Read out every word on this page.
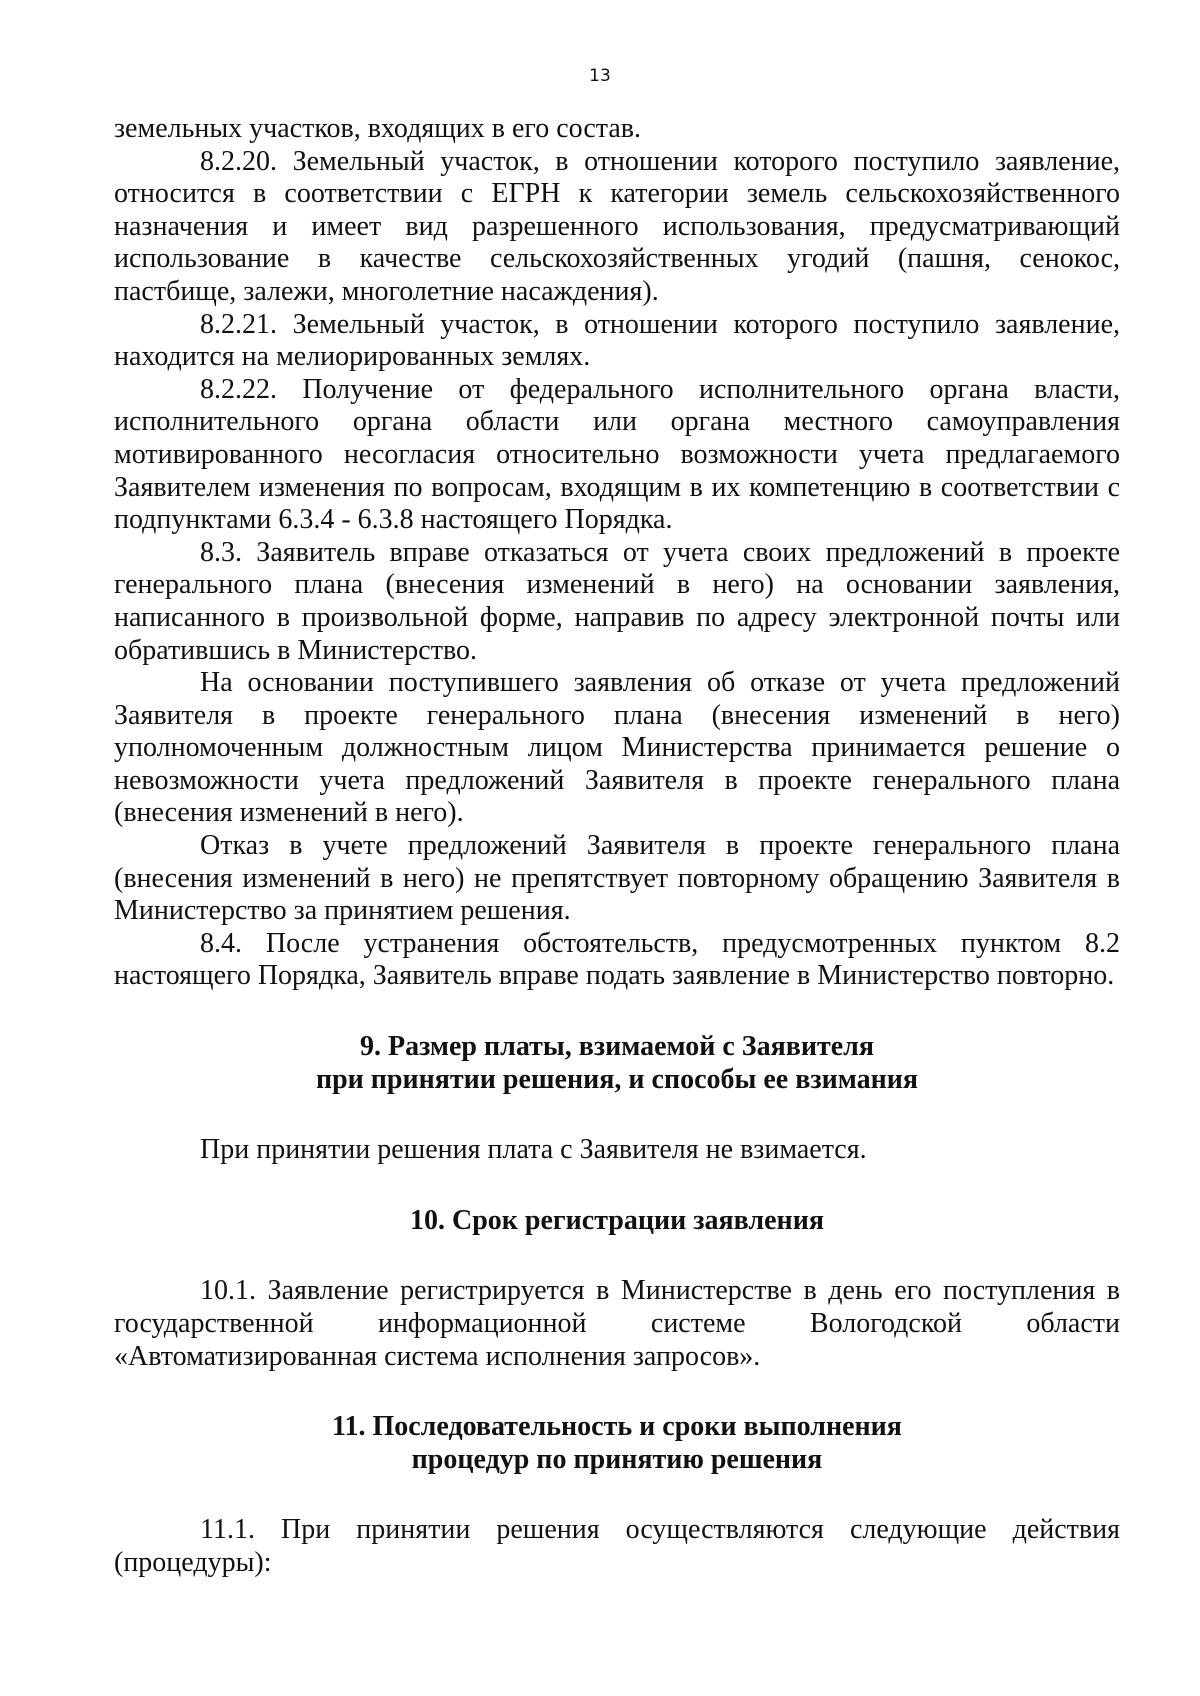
13

земельных участков, входящих в его состав.

8.2.20. Земельный участок, в отношении которого поступило заявление, относится в соответствии с ЕГРН к категории земель сельскохозяйственного назначения и имеет вид разрешенного использования, предусматривающий использование в качестве сельскохозяйственных угодий (пашня, сенокос, пастбище, залежи, многолетние насаждения).

8.2.21. Земельный участок, в отношении которого поступило заявление, находится на мелиорированных землях.

8.2.22. Получение от федерального исполнительного органа власти, исполнительного органа области или органа местного самоуправления мотивированного несогласия относительно возможности учета предлагаемого Заявителем изменения по вопросам, входящим в их компетенцию в соответствии с подпунктами 6.3.4 - 6.3.8 настоящего Порядка.

8.3. Заявитель вправе отказаться от учета своих предложений в проекте генерального плана (внесения изменений в него) на основании заявления, написанного в произвольной форме, направив по адресу электронной почты или обратившись в Министерство.

На основании поступившего заявления об отказе от учета предложений Заявителя в проекте генерального плана (внесения изменений в него) уполномоченным должностным лицом Министерства принимается решение о невозможности учета предложений Заявителя в проекте генерального плана (внесения изменений в него).

Отказ в учете предложений Заявителя в проекте генерального плана (внесения изменений в него) не препятствует повторному обращению Заявителя в Министерство за принятием решения.

8.4. После устранения обстоятельств, предусмотренных пунктом 8.2 настоящего Порядка, Заявитель вправе подать заявление в Министерство повторно.

9. Размер платы, взимаемой с Заявителя
при принятии решения, и способы ее взимания

При принятии решения плата с Заявителя не взимается.

10. Срок регистрации заявления

10.1. Заявление регистрируется в Министерстве в день его поступления в государственной информационной системе Вологодской области «Автоматизированная система исполнения запросов».

11. Последовательность и сроки выполнения
процедур по принятию решения

11.1. При принятии решения осуществляются следующие действия (процедуры):
